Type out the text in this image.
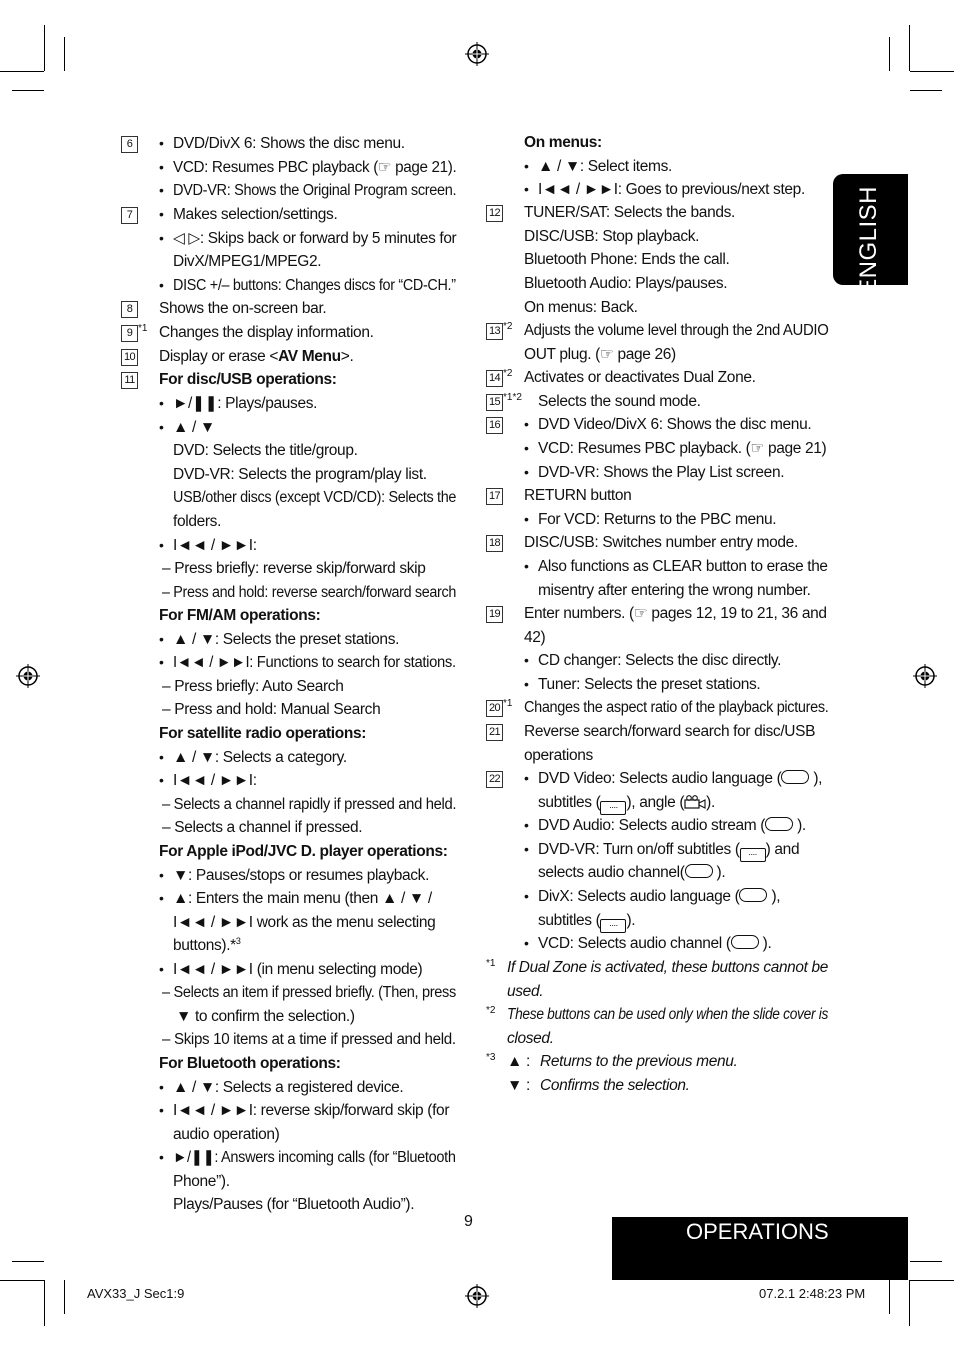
ENGLISH
6	• DVD/DivX 6: Shows the disc menu.
• VCD: Resumes PBC playback (☞ page 21).
• DVD-VR: Shows the Original Program screen.
7	• Makes selection/settings.
• ◁ ▷: Skips back or forward by 5 minutes for
DivX/MPEG1/MPEG2.
• DISC +/– buttons: Changes discs for “CD-CH.”
8	Shows the on-screen bar.
9 *1 Changes the display information.
10 Display or erase <AV Menu>.
11 For disc/USB operations:
• ►/❚❚: Plays/pauses.
• ▲ / ▼
DVD: Selects the title/group.
DVD-VR: Selects the program/play list.
USB/other discs (except VCD/CD): Selects the
folders.
• I◄◄ / ►►I:
– Press briefly: reverse skip/forward skip
– Press and hold: reverse search/forward search
For FM/AM operations:
• ▲ / ▼: Selects the preset stations.
• I◄◄ / ►►I: Functions to search for stations.
– Press briefly: Auto Search
– Press and hold: Manual Search
For satellite radio operations:
• ▲ / ▼: Selects a category.
• I◄◄ / ►►I:
– Selects a channel rapidly if pressed and held.
– Selects a channel if pressed.
For Apple iPod/JVC D. player operations:
• ▼: Pauses/stops or resumes playback.
• ▲: Enters the main menu (then ▲ / ▼ /
I◄◄ / ►►I work as the menu selecting
buttons).*$^3$
• I◄◄ / ►►I (in menu selecting mode)
– Selects an item if pressed briefly. (Then, press
▼ to confirm the selection.)
– Skips 10 items at a time if pressed and held.
For Bluetooth operations:
• ▲ / ▼: Selects a registered device.
• I◄◄ / ►►I: reverse skip/forward skip (for
audio operation)
• ►/❚❚: Answers incoming calls (for “Bluetooth
Phone”).
Plays/Pauses (for “Bluetooth Audio”).
On menus:
• ▲ / ▼: Select items.
• I◄◄ / ►►I: Goes to previous/next step.
12 TUNER/SAT: Selects the bands.
DISC/USB: Stop playback.
Bluetooth Phone: Ends the call.
Bluetooth Audio: Plays/pauses.
On menus: Back.
13 *2 Adjusts the volume level through the 2nd AUDIO
OUT plug. (☞ page 26)
14 *2 Activates or deactivates Dual Zone.
15 *1*2 Selects the sound mode.
16 • DVD Video/DivX 6: Shows the disc menu.
• VCD: Resumes PBC playback. (☞ page 21)
• DVD-VR: Shows the Play List screen.
17 RETURN button
• For VCD: Returns to the PBC menu.
18 DISC/USB: Switches number entry mode.
• Also functions as CLEAR button to erase the
misentry after entering the wrong number.
19 Enter numbers. (☞ pages 12, 19 to 21, 36 and
42)
• CD changer: Selects the disc directly.
• Tuner: Selects the preset stations.
20 *1 Changes the aspect ratio of the playback pictures.
21 Reverse search/forward search for disc/USB
operations
22 • DVD Video: Selects audio language ( ),
subtitles ( .... ), angle ( ).
• DVD Audio: Selects audio stream ( ).
• DVD-VR: Turn on/off subtitles ( .... ) and
selects audio channel( ).
• DivX: Selects audio language ( ),
subtitles ( .... ).
• VCD: Selects audio channel ( ).
*1 If Dual Zone is activated, these buttons cannot be
used.
*2 These buttons can be used only when the slide cover is
closed.
*3 ▲ : Returns to the previous menu.
▼ : Confirms the selection.
9	OPERATIONS
AVX33_J Sec1:9	07.2.1 2:48:23 PM
